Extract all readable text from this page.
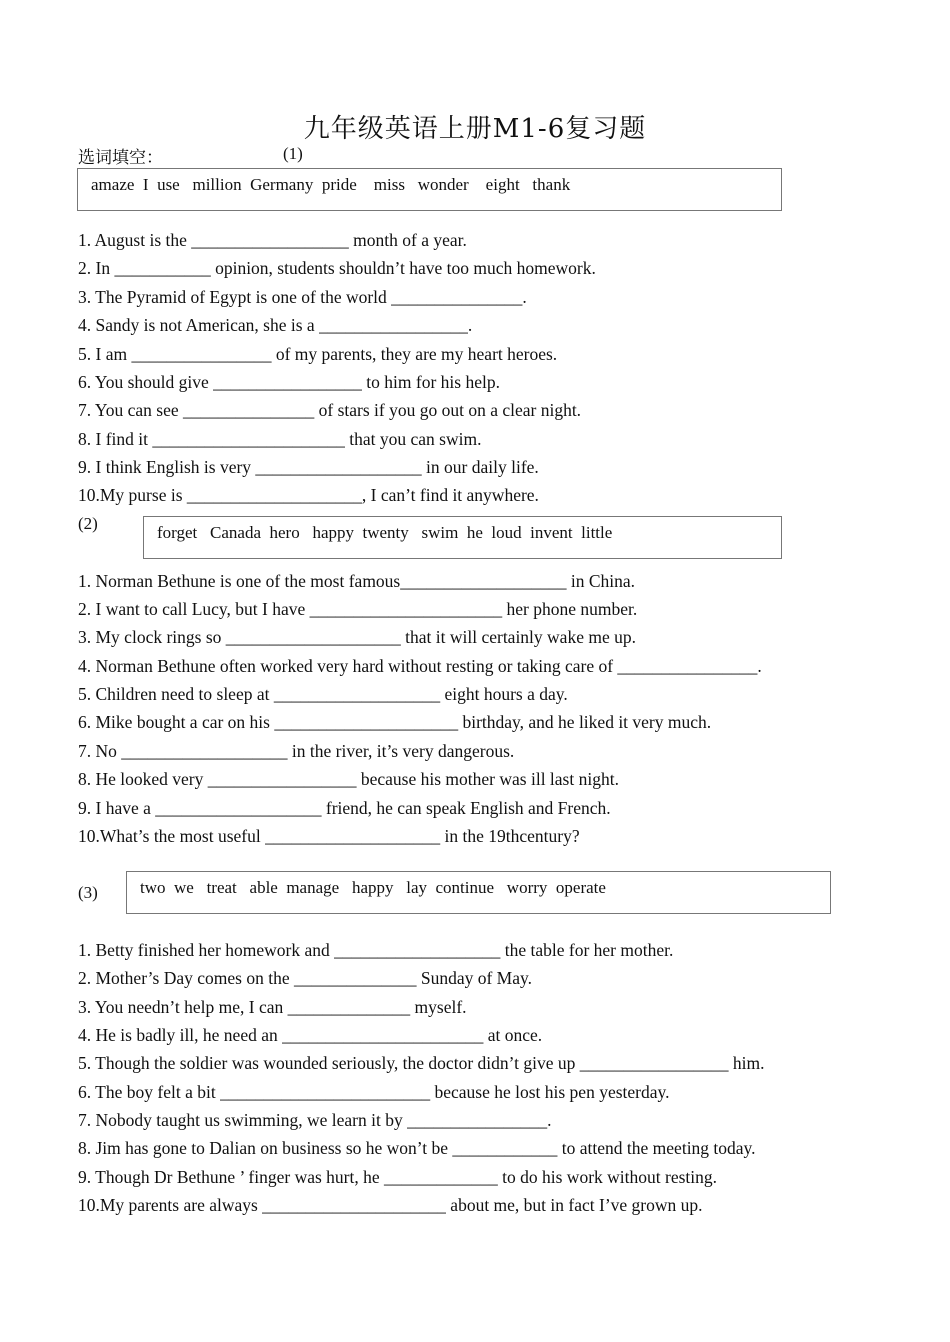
九年级英语上册M1-6复习题
选词填空：	(1)
amaze  I  use   million  Germany  pride    miss   wonder    eight   thank
1. August is the __________________ month of a year.
2. In ___________ opinion, students shouldn’t have too much homework.
3. The Pyramid of Egypt is one of the world _______________.
4. Sandy is not American, she is a _________________.
5. I am ________________ of my parents, they are my heart heroes.
6. You should give _________________ to him for his help.
7. You can see _______________ of stars if you go out on a clear night.
8. I find it ______________________ that you can swim.
9. I think English is very ___________________ in our daily life.
10.My purse is ____________________, I can’t find it anywhere.
(2)	forget   Canada  hero   happy  twenty   swim  he  loud  invent  little
1. Norman Bethune is one of the most famous___________________ in China.
2. I want to call Lucy, but I have ______________________ her phone number.
3. My clock rings so ____________________ that it will certainly wake me up.
4. Norman Bethune often worked very hard without resting or taking care of ________________.
5. Children need to sleep at ___________________ eight hours a day.
6. Mike bought a car on his _____________________ birthday, and he liked it very much.
7. No ___________________ in the river, it’s very dangerous.
8. He looked very _________________ because his mother was ill last night.
9. I have a ___________________ friend, he can speak English and French.
10.What’s the most useful ____________________ in the 19thcentury?
(3)	two  we   treat   able  manage   happy   lay  continue   worry  operate
1. Betty finished her homework and ___________________ the table for her mother.
2. Mother’s Day comes on the ______________ Sunday of May.
3. You needn’t help me, I can ______________ myself.
4. He is badly ill, he need an _______________________ at once.
5. Though the soldier was wounded seriously, the doctor didn’t give up _________________ him.
6. The boy felt a bit ________________________ because he lost his pen yesterday.
7. Nobody taught us swimming, we learn it by ________________.
8. Jim has gone to Dalian on business so he won’t be ____________ to attend the meeting today.
9. Though Dr Bethune ’ finger was hurt, he _____________ to do his work without resting.
10.My parents are always _____________________ about me, but in fact I’ve grown up.
